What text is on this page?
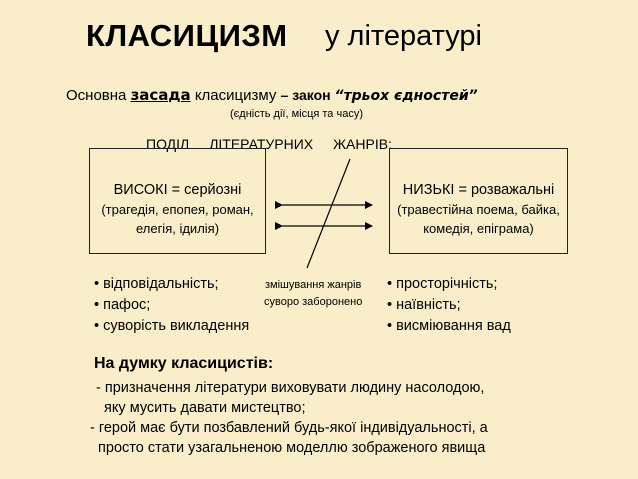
КЛАСИЦИЗМ у літературі
Основна засада класицизму – закон “трьох єдностей”
(єдність дії, місця та часу)
ПОДІЛ ЛІТЕРАТУРНИХ ЖАНРІВ:
ВИСОКІ = серйозні
(трагедія, епопея, роман, елегія, ідилія)
НИЗЬКІ = розважальні
(травестійна поема, байка, комедія, епіграма)
• відповідальність;
• пафос;
• суворість викладення
змішування жанрів
суворо заборонено
• просторічність;
• наївність;
• висміювання вад
На думку класицистів:
- призначення літератури виховувати людину насолодою,
яку мусить давати мистецтво;
- герой має бути позбавлений будь-якої індивідуальності, а
просто стати узагальненою моделлю зображеного явища
